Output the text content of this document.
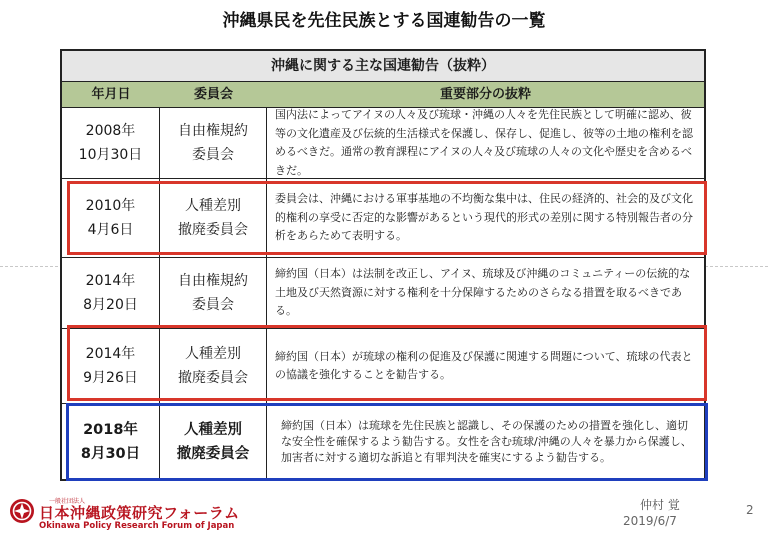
沖縄県民を先住民族とする国連勧告の一覧
沖縄に関する主な国連勧告（抜粋）
年月日	委員会	重要部分の抜粋
2008年
10月30日
自由権規約
委員会
国内法によってアイヌの人々及び琉球・沖縄の人々を先住民族として明確に認め、彼等の文化遺産及び伝統的生活様式を保護し、保存し、促進し、彼等の土地の権利を認めるべきだ。通常の教育課程にアイヌの人々及び琉球の人々の文化や歴史を含めるべきだ。
2010年
4月6日
人種差別
撤廃委員会
委員会は、沖縄における軍事基地の不均衡な集中は、住民の経済的、社会的及び文化的権利の享受に否定的な影響があるという現代的形式の差別に関する特別報告者の分析をあらためて表明する。
2014年
8月20日
自由権規約
委員会
締約国（日本）は法制を改正し、アイヌ、琉球及び沖縄のコミュニティーの伝統的な土地及び天然資源に対する権利を十分保障するためのさらなる措置を取るべきである。
2014年
9月26日
人種差別
撤廃委員会
締約国（日本）が琉球の権利の促進及び保護に関連する問題について、琉球の代表との協議を強化することを勧告する。
2018年
8月30日
人種差別
撤廃委員会
締約国（日本）は琉球を先住民族と認識し、その保護のための措置を強化し、適切な安全性を確保するよう勧告する。女性を含む琉球/沖縄の人々を暴力から保護し、加害者に対する適切な訴追と有罪判決を確実にするよう勧告する。
一般社団法人
日本沖縄政策研究フォーラム
Okinawa Policy Research Forum of Japan
仲村 覚
2019/6/7
2
